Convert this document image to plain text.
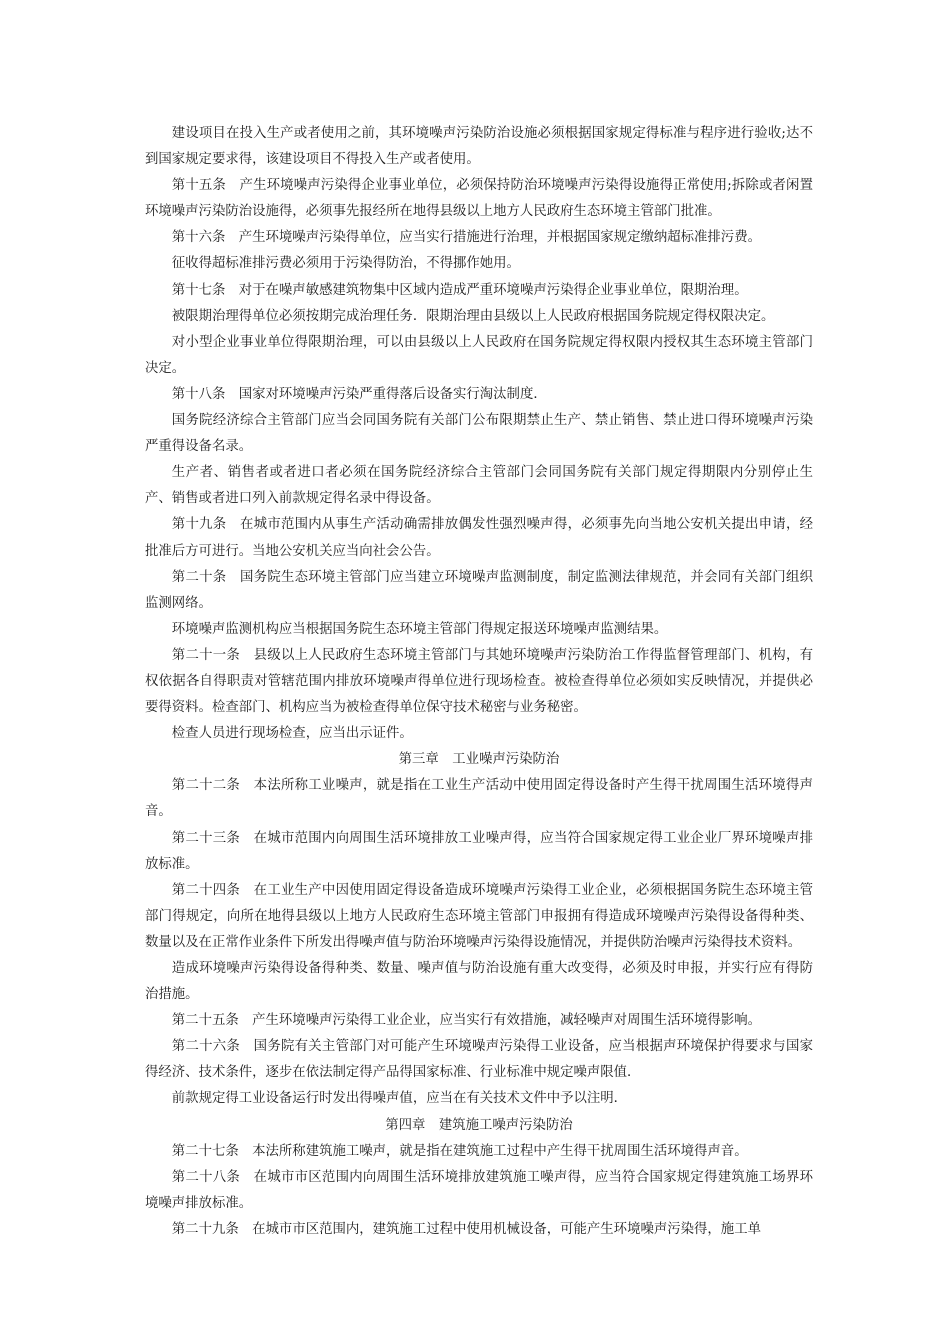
建设项目在投入生产或者使用之前，其环境噪声污染防治设施必须根据国家规定得标准与程序进行验收;达不到国家规定要求得，该建设项目不得投入生产或者使用。

第十五条　产生环境噪声污染得企业事业单位，必须保持防治环境噪声污染得设施得正常使用;拆除或者闲置环境噪声污染防治设施得，必须事先报经所在地得县级以上地方人民政府生态环境主管部门批准。

第十六条　产生环境噪声污染得单位，应当实行措施进行治理，并根据国家规定缴纳超标准排污费。

征收得超标准排污费必须用于污染得防治，不得挪作她用。

第十七条　对于在噪声敏感建筑物集中区域内造成严重环境噪声污染得企业事业单位，限期治理。

被限期治理得单位必须按期完成治理任务．限期治理由县级以上人民政府根据国务院规定得权限决定。

对小型企业事业单位得限期治理，可以由县级以上人民政府在国务院规定得权限内授权其生态环境主管部门决定。

第十八条　国家对环境噪声污染严重得落后设备实行淘汰制度．

国务院经济综合主管部门应当会同国务院有关部门公布限期禁止生产、禁止销售、禁止进口得环境噪声污染严重得设备名录。

生产者、销售者或者进口者必须在国务院经济综合主管部门会同国务院有关部门规定得期限内分别停止生产、销售或者进口列入前款规定得名录中得设备。

第十九条　在城市范围内从事生产活动确需排放偶发性强烈噪声得，必须事先向当地公安机关提出申请，经批准后方可进行。当地公安机关应当向社会公告。

第二十条　国务院生态环境主管部门应当建立环境噪声监测制度，制定监测法律规范，并会同有关部门组织监测网络。

环境噪声监测机构应当根据国务院生态环境主管部门得规定报送环境噪声监测结果。

第二十一条　县级以上人民政府生态环境主管部门与其她环境噪声污染防治工作得监督管理部门、机构，有权依据各自得职责对管辖范围内排放环境噪声得单位进行现场检查。被检查得单位必须如实反映情况，并提供必要得资料。检查部门、机构应当为被检查得单位保守技术秘密与业务秘密。

检查人员进行现场检查，应当出示证件。

第三章　工业噪声污染防治

第二十二条　本法所称工业噪声，就是指在工业生产活动中使用固定得设备时产生得干扰周围生活环境得声音。

第二十三条　在城市范围内向周围生活环境排放工业噪声得，应当符合国家规定得工业企业厂界环境噪声排放标准。

第二十四条　在工业生产中因使用固定得设备造成环境噪声污染得工业企业，必须根据国务院生态环境主管部门得规定，向所在地得县级以上地方人民政府生态环境主管部门申报拥有得造成环境噪声污染得设备得种类、数量以及在正常作业条件下所发出得噪声值与防治环境噪声污染得设施情况，并提供防治噪声污染得技术资料。

造成环境噪声污染得设备得种类、数量、噪声值与防治设施有重大改变得，必须及时申报，并实行应有得防治措施。

第二十五条　产生环境噪声污染得工业企业，应当实行有效措施，减轻噪声对周围生活环境得影响。

第二十六条　国务院有关主管部门对可能产生环境噪声污染得工业设备，应当根据声环境保护得要求与国家得经济、技术条件，逐步在依法制定得产品得国家标准、行业标准中规定噪声限值．

前款规定得工业设备运行时发出得噪声值，应当在有关技术文件中予以注明．

第四章　建筑施工噪声污染防治

第二十七条　本法所称建筑施工噪声，就是指在建筑施工过程中产生得干扰周围生活环境得声音。

第二十八条　在城市市区范围内向周围生活环境排放建筑施工噪声得，应当符合国家规定得建筑施工场界环境噪声排放标准。

第二十九条　在城市市区范围内，建筑施工过程中使用机械设备，可能产生环境噪声污染得，施工单
